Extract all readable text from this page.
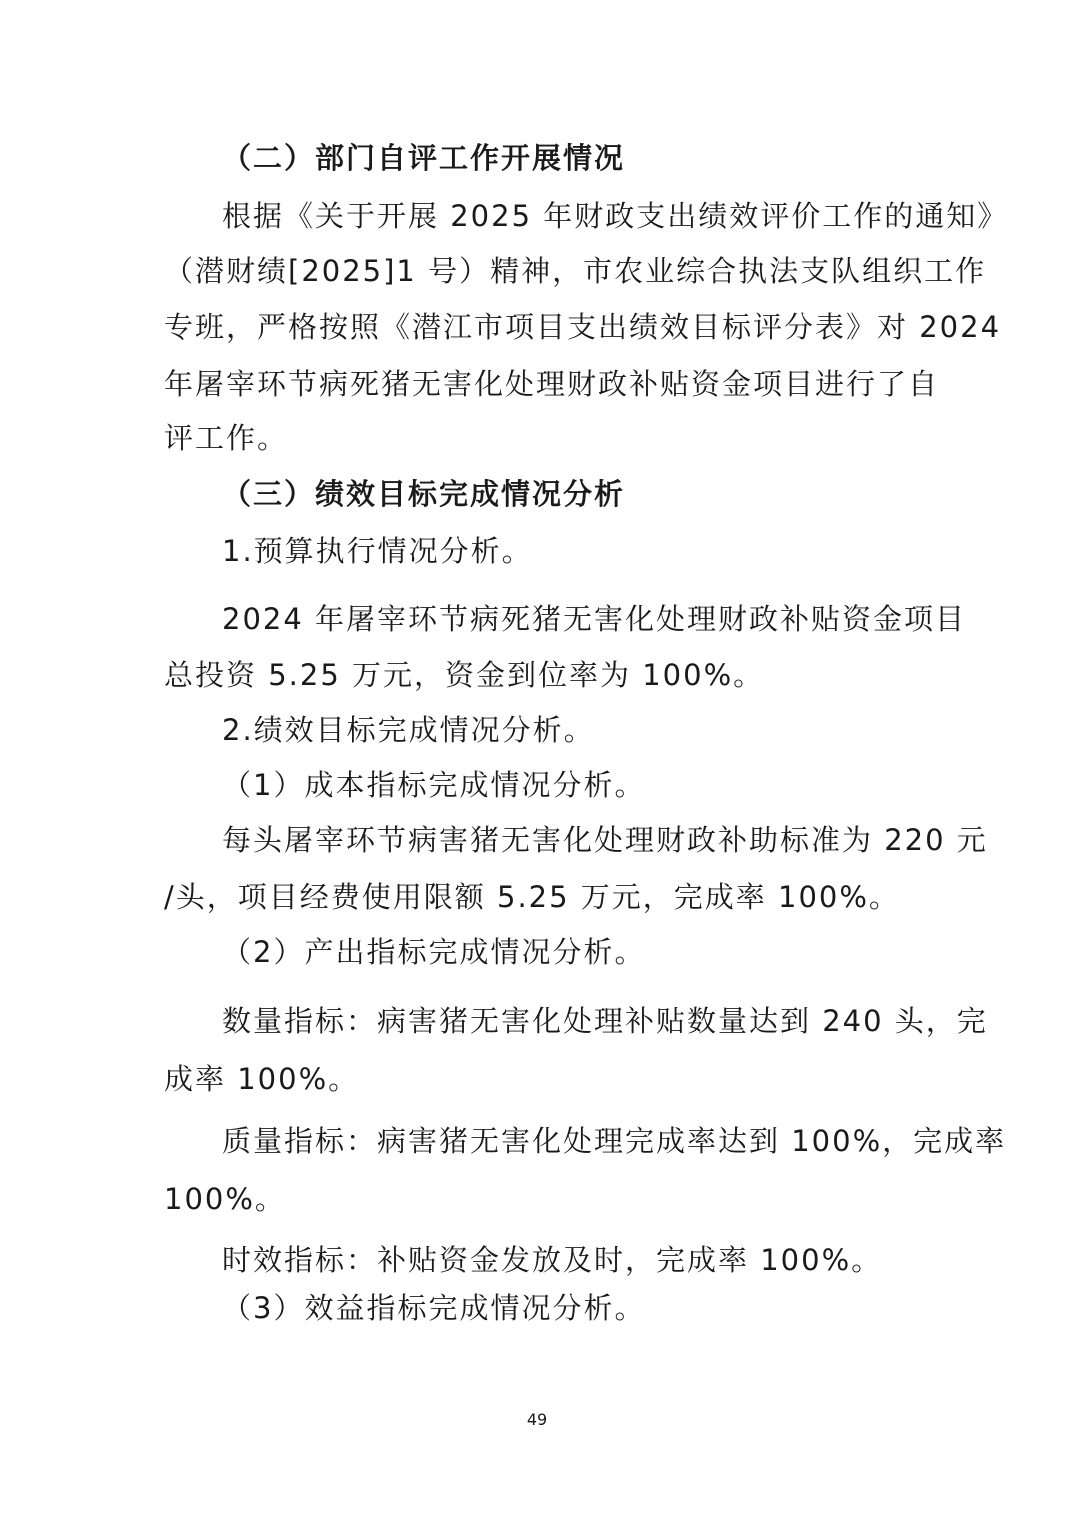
（二）部门自评工作开展情况
根据《关于开展 2025 年财政支出绩效评价工作的通知》
（潜财绩[2025]1 号）精神，市农业综合执法支队组织工作
专班，严格按照《潜江市项目支出绩效目标评分表》对 2024
年屠宰环节病死猪无害化处理财政补贴资金项目进行了自
评工作。
（三）绩效目标完成情况分析
1.预算执行情况分析。
2024 年屠宰环节病死猪无害化处理财政补贴资金项目
总投资 5.25 万元，资金到位率为 100%。
2.绩效目标完成情况分析。
（1）成本指标完成情况分析。
每头屠宰环节病害猪无害化处理财政补助标准为 220 元
/头，项目经费使用限额 5.25 万元，完成率 100%。
（2）产出指标完成情况分析。
数量指标：病害猪无害化处理补贴数量达到 240 头，完
成率 100%。
质量指标：病害猪无害化处理完成率达到 100%，完成率
100%。
时效指标：补贴资金发放及时，完成率 100%。
（3）效益指标完成情况分析。
49
